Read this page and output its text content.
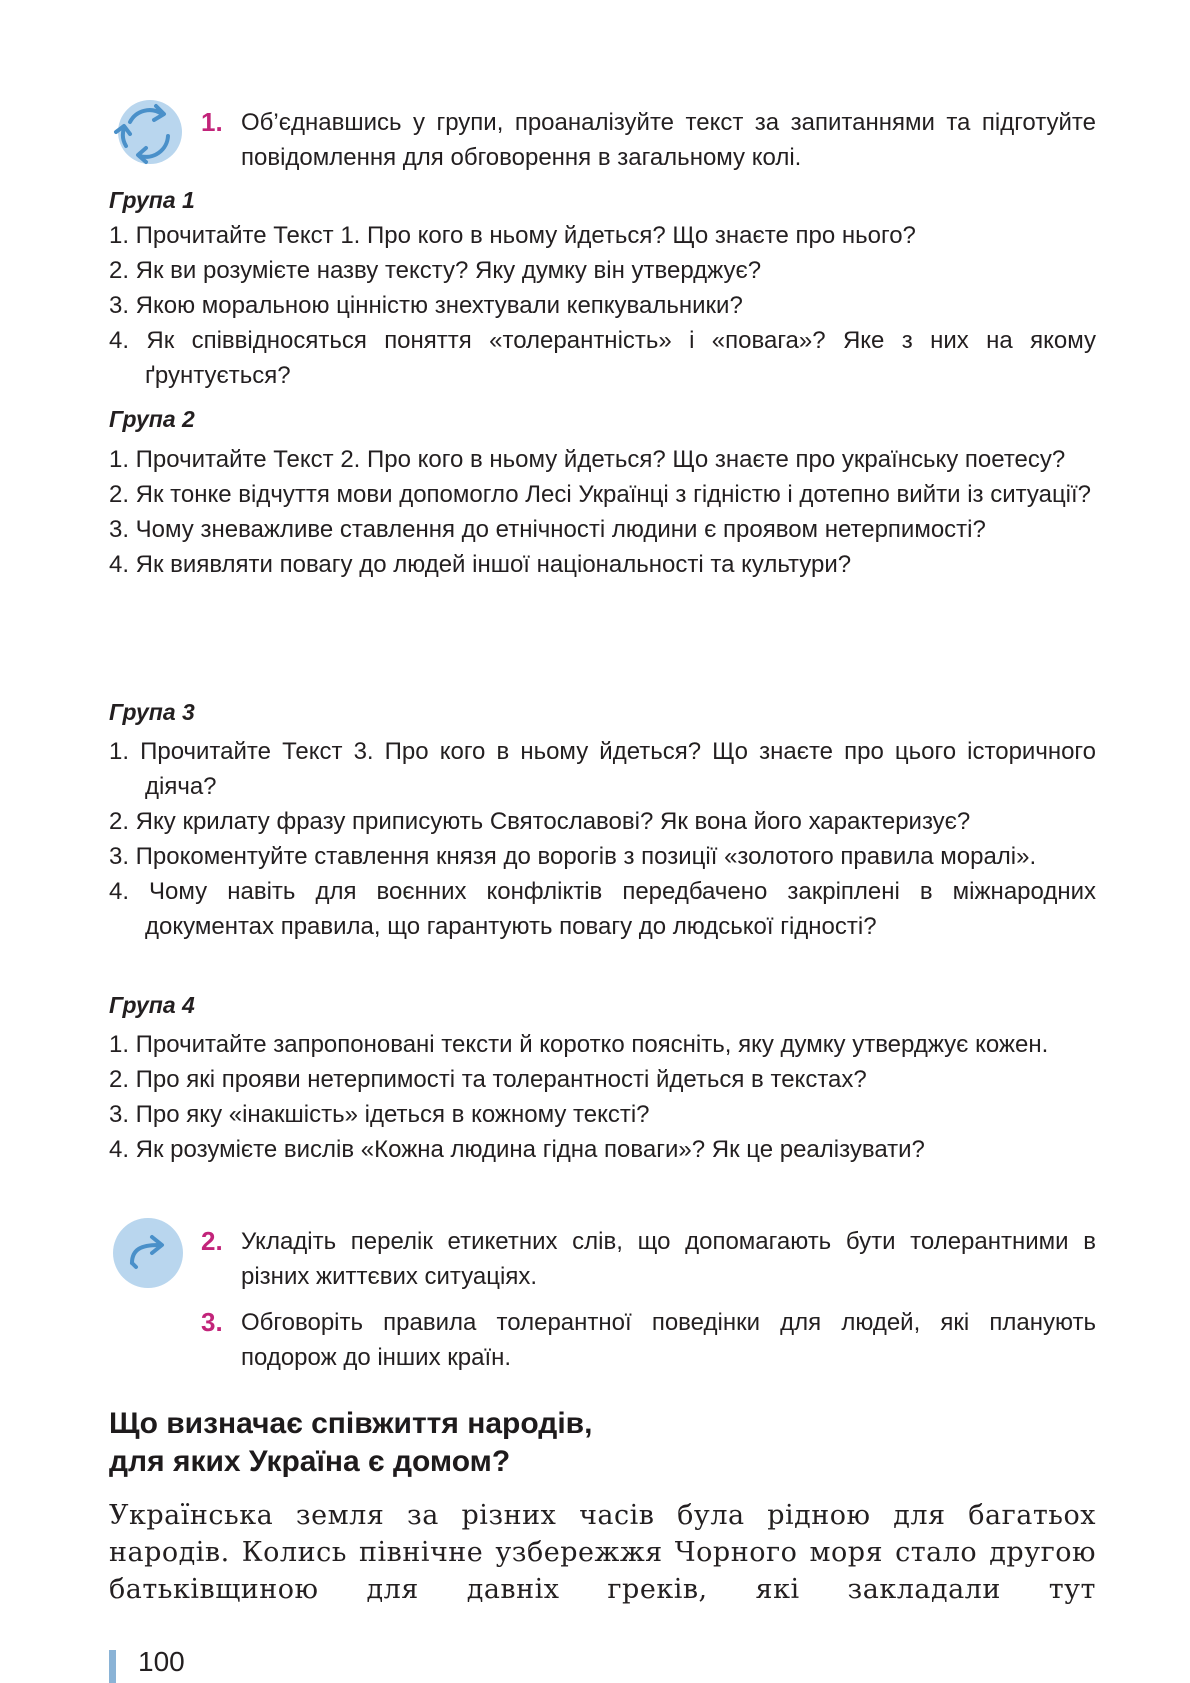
1. Об’єднавшись у групи, проаналізуйте текст за запитаннями та підготуйте повідомлення для обговорення в загальному колі.
Група 1
1. Прочитайте Текст 1. Про кого в ньому йдеться? Що знаєте про нього?
2. Як ви розумієте назву тексту? Яку думку він утверджує?
3. Якою моральною цінністю знехтували кепкувальники?
4. Як співвідносяться поняття «толерантність» і «повага»? Яке з них на якому ґрунтується?
Група 2
1. Прочитайте Текст 2. Про кого в ньому йдеться? Що знаєте про українську поетесу?
2. Як тонке відчуття мови допомогло Лесі Українці з гідністю і дотепно вийти із ситуації?
3. Чому зневажливе ставлення до етнічності людини є проявом нетерпимості?
4. Як виявляти повагу до людей іншої національності та культури?
Група 3
1. Прочитайте Текст 3. Про кого в ньому йдеться? Що знаєте про цього історичного діяча?
2. Яку крилату фразу приписують Святославові? Як вона його характеризує?
3. Прокоментуйте ставлення князя до ворогів з позиції «золотого правила моралі».
4. Чому навіть для воєнних конфліктів передбачено закріплені в міжнародних документах правила, що гарантують повагу до людської гідності?
Група 4
1. Прочитайте запропоновані тексти й коротко поясніть, яку думку утверджує кожен.
2. Про які прояви нетерпимості та толерантності йдеться в текстах?
3. Про яку «інакшість» ідеться в кожному тексті?
4. Як розумієте вислів «Кожна людина гідна поваги»? Як це реалізувати?
2. Укладіть перелік етикетних слів, що допомагають бути толерантними в різних життєвих ситуаціях.
3. Обговоріть правила толерантної поведінки для людей, які планують подорож до інших країн.
Що визначає співжиття народів,
для яких Україна є домом?
Українська земля за різних часів була рідною для багатьох народів. Колись північне узбережжя Чорного моря стало другою батьківщиною для давніх греків, які закладали тут
100
